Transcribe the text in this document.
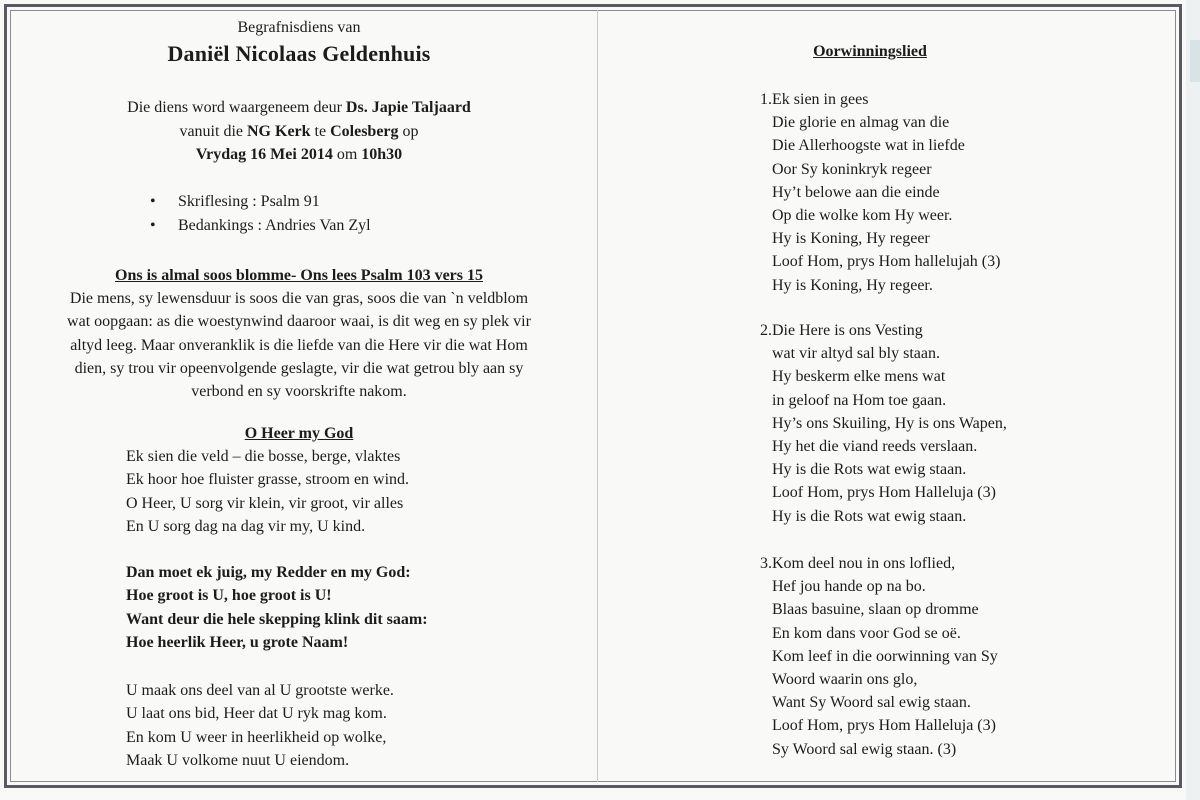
Begrafnisdiens van
Daniël Nicolaas Geldenhuis
Die diens word waargeneem deur Ds. Japie Taljaard
vanuit die NG Kerk te Colesberg op
Vrydag 16 Mei 2014 om 10h30
• Skriflesing : Psalm 91
• Bedankings : Andries Van Zyl
Ons is almal soos blomme- Ons lees Psalm 103 vers 15
Die mens, sy lewensduur is soos die van gras, soos die van `n veldblom
wat oopgaan: as die woestynwind daaroor waai, is dit weg en sy plek vir
altyd leeg. Maar onveranklik is die liefde van die Here vir die wat Hom
dien, sy trou vir opeenvolgende geslagte, vir die wat getrou bly aan sy
verbond en sy voorskrifte nakom.
O Heer my God
Ek sien die veld – die bosse, berge, vlaktes
Ek hoor hoe fluister grasse, stroom en wind.
O Heer, U sorg vir klein, vir groot, vir alles
En U sorg dag na dag vir my, U kind.
Dan moet ek juig, my Redder en my God:
Hoe groot is U, hoe groot is U!
Want deur die hele skepping klink dit saam:
Hoe heerlik Heer, u grote Naam!
U maak ons deel van al U grootste werke.
U laat ons bid, Heer dat U ryk mag kom.
En kom U weer in heerlikheid op wolke,
Maak U volkome nuut U eiendom.
Oorwinningslied
1.Ek sien in gees
Die glorie en almag van die
Die Allerhoogste wat in liefde
Oor Sy koninkryk regeer
Hy’t belowe aan die einde
Op die wolke kom Hy weer.
Hy is Koning, Hy regeer
Loof Hom, prys Hom hallelujah (3)
Hy is Koning, Hy regeer.
2.Die Here is ons Vesting
wat vir altyd sal bly staan.
Hy beskerm elke mens wat
in geloof na Hom toe gaan.
Hy’s ons Skuiling, Hy is ons Wapen,
Hy het die viand reeds verslaan.
Hy is die Rots wat ewig staan.
Loof Hom, prys Hom Halleluja (3)
Hy is die Rots wat ewig staan.
3.Kom deel nou in ons loflied,
Hef jou hande op na bo.
Blaas basuine, slaan op dromme
En kom dans voor God se oë.
Kom leef in die oorwinning van Sy
Woord waarin ons glo,
Want Sy Woord sal ewig staan.
Loof Hom, prys Hom Halleluja (3)
Sy Woord sal ewig staan. (3)
